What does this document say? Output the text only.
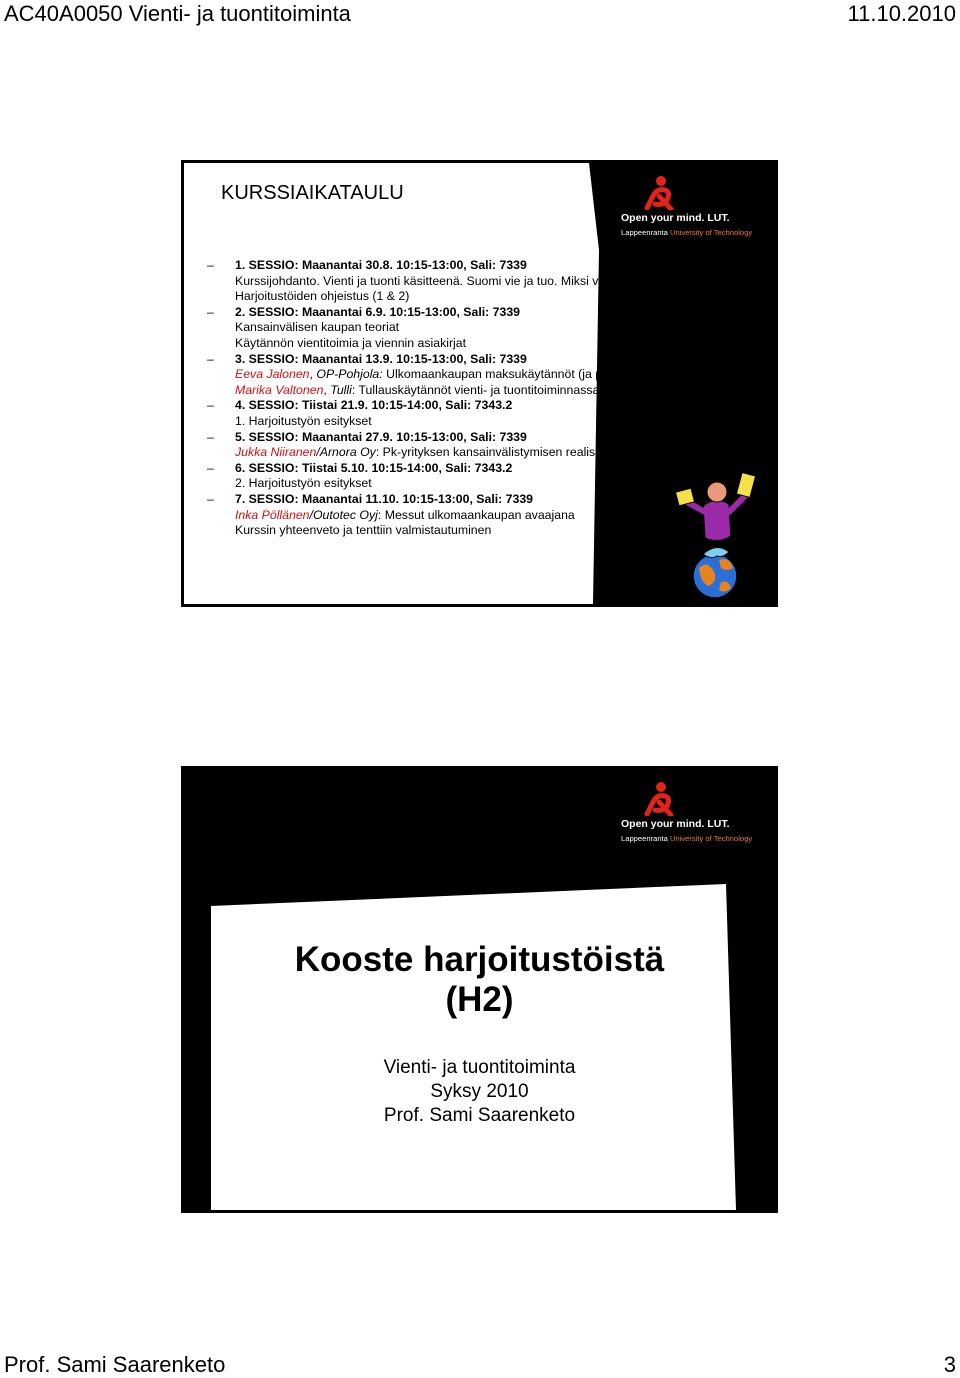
AC40A0050 Vienti- ja tuontitoiminta	11.10.2010
Open your mind. LUT.
Lappeenranta University of Technology
KURSSIAIKATAULU
– 1. SESSIO: Maanantai 30.8. 10:15-13:00, Sali: 7339
Kurssijohdanto. Vienti ja tuonti käsitteenä. Suomi vie ja tuo. Miksi vientiin?
Harjoitustöiden ohjeistus (1 & 2)
– 2. SESSIO: Maanantai 6.9. 10:15-13:00, Sali: 7339
Kansainvälisen kaupan teoriat
Käytännön vientitoimia ja viennin asiakirjat
– 3. SESSIO: Maanantai 13.9. 10:15-13:00, Sali: 7339
Eeva Jalonen, OP-Pohjola: Ulkomaankaupan maksukäytännöt (ja pankin tarjoamat palvelut) sekä Marika Valtonen, Tulli: Tullauskäytännöt vienti- ja tuontitoiminnassa
– 4. SESSIO: Tiistai 21.9. 10:15-14:00, Sali: 7343.2
1. Harjoitustyön esitykset
– 5. SESSIO: Maanantai 27.9. 10:15-13:00, Sali: 7339
Jukka Niiranen/Arnora Oy: Pk-yrityksen kansainvälistymisen realismia
– 6. SESSIO: Tiistai 5.10. 10:15-14:00, Sali: 7343.2
2. Harjoitustyön esitykset
– 7. SESSIO: Maanantai 11.10. 10:15-13:00, Sali: 7339
Inka Pöllänen/Outotec Oyj: Messut ulkomaankaupan avaajana
Kurssin yhteenveto ja tenttiin valmistautuminen
Open your mind. LUT.
Lappeenranta University of Technology
Kooste harjoitustöistä
(H2)
Vienti- ja tuontitoiminta
Syksy 2010
Prof. Sami Saarenketo
Prof. Sami Saarenketo	3
